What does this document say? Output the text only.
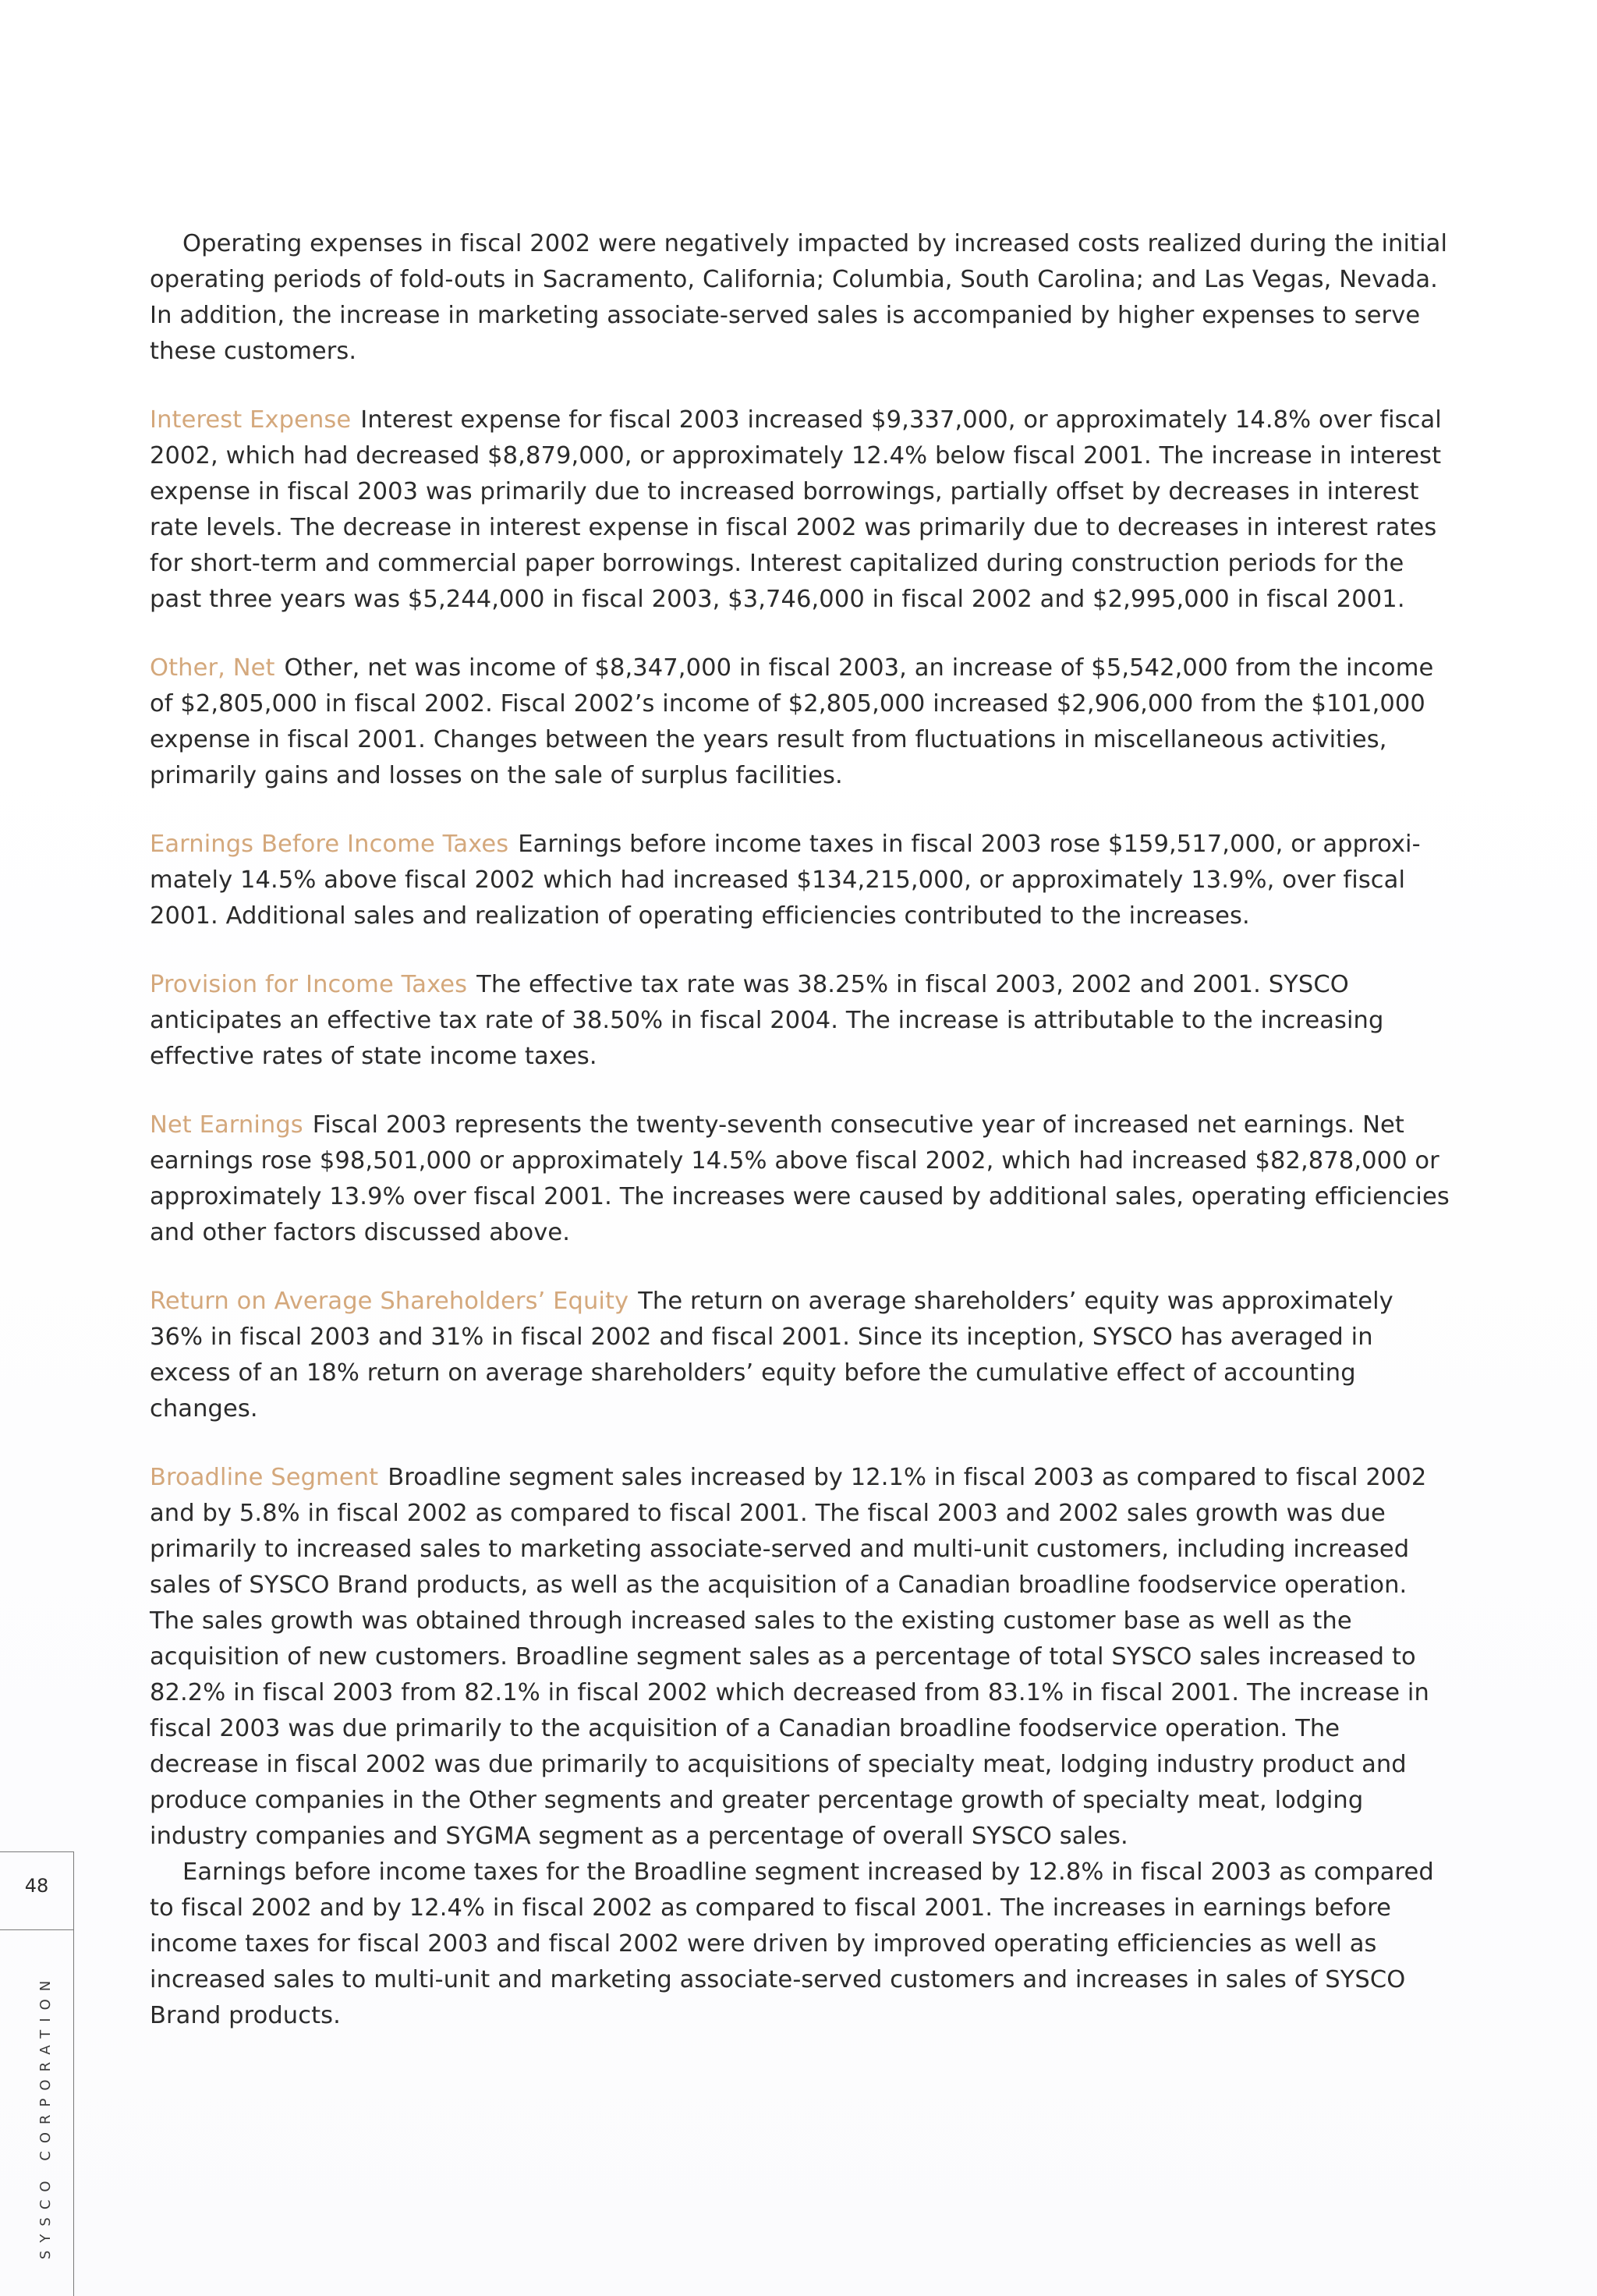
Operating expenses in fiscal 2002 were negatively impacted by increased costs realized during the initial operating periods of fold-outs in Sacramento, California; Columbia, South Carolina; and Las Vegas, Nevada. In addition, the increase in marketing associate-served sales is accompanied by higher expenses to serve these customers.

Interest Expense Interest expense for fiscal 2003 increased $9,337,000, or approximately 14.8% over fiscal 2002, which had decreased $8,879,000, or approximately 12.4% below fiscal 2001. The increase in interest expense in fiscal 2003 was primarily due to increased borrowings, partially offset by decreases in interest rate levels. The decrease in interest expense in fiscal 2002 was primarily due to decreases in interest rates for short-term and commercial paper borrowings. Interest capitalized during construction periods for the past three years was $5,244,000 in fiscal 2003, $3,746,000 in fiscal 2002 and $2,995,000 in fiscal 2001.

Other, Net Other, net was income of $8,347,000 in fiscal 2003, an increase of $5,542,000 from the income of $2,805,000 in fiscal 2002. Fiscal 2002’s income of $2,805,000 increased $2,906,000 from the $101,000 expense in fiscal 2001. Changes between the years result from fluctuations in miscellaneous activities, primarily gains and losses on the sale of surplus facilities.

Earnings Before Income Taxes Earnings before income taxes in fiscal 2003 rose $159,517,000, or approxi-mately 14.5% above fiscal 2002 which had increased $134,215,000, or approximately 13.9%, over fiscal 2001. Additional sales and realization of operating efficiencies contributed to the increases.

Provision for Income Taxes The effective tax rate was 38.25% in fiscal 2003, 2002 and 2001. SYSCO anticipates an effective tax rate of 38.50% in fiscal 2004. The increase is attributable to the increasing effective rates of state income taxes.

Net Earnings Fiscal 2003 represents the twenty-seventh consecutive year of increased net earnings. Net earnings rose $98,501,000 or approximately 14.5% above fiscal 2002, which had increased $82,878,000 or approximately 13.9% over fiscal 2001. The increases were caused by additional sales, operating efficiencies and other factors discussed above.

Return on Average Shareholders’ Equity The return on average shareholders’ equity was approximately 36% in fiscal 2003 and 31% in fiscal 2002 and fiscal 2001. Since its inception, SYSCO has averaged in excess of an 18% return on average shareholders’ equity before the cumulative effect of accounting changes.

Broadline Segment Broadline segment sales increased by 12.1% in fiscal 2003 as compared to fiscal 2002 and by 5.8% in fiscal 2002 as compared to fiscal 2001. The fiscal 2003 and 2002 sales growth was due primarily to increased sales to marketing associate-served and multi-unit customers, including increased sales of SYSCO Brand products, as well as the acquisition of a Canadian broadline foodservice operation. The sales growth was obtained through increased sales to the existing customer base as well as the acquisition of new customers. Broadline segment sales as a percentage of total SYSCO sales increased to 82.2% in fiscal 2003 from 82.1% in fiscal 2002 which decreased from 83.1% in fiscal 2001. The increase in fiscal 2003 was due primarily to the acquisition of a Canadian broadline foodservice operation. The decrease in fiscal 2002 was due primarily to acquisitions of specialty meat, lodging industry product and produce companies in the Other segments and greater percentage growth of specialty meat, lodging industry companies and SYGMA segment as a percentage of overall SYSCO sales.

Earnings before income taxes for the Broadline segment increased by 12.8% in fiscal 2003 as compared to fiscal 2002 and by 12.4% in fiscal 2002 as compared to fiscal 2001. The increases in earnings before income taxes for fiscal 2003 and fiscal 2002 were driven by improved operating efficiencies as well as increased sales to multi-unit and marketing associate-served customers and increases in sales of SYSCO Brand products.

48
SYSCO CORPORATION
